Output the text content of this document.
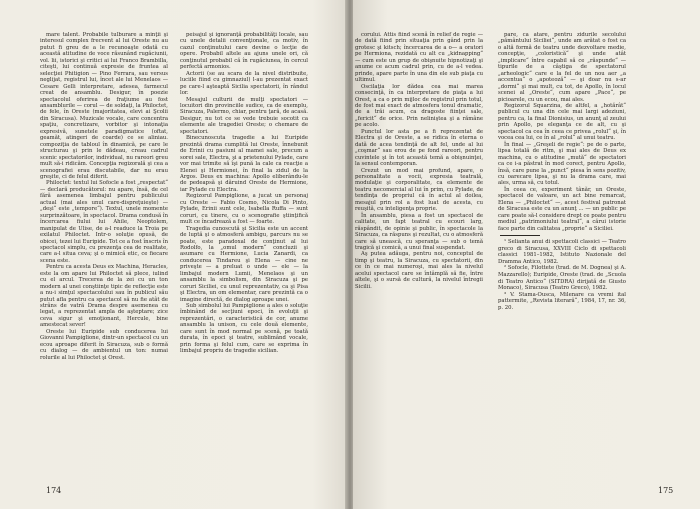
mare talent. Probabile tulburare a minţii şi interesul complex frecvent al lui Oreste nu au putut fi greu de a le recunoaşte odată cu această atitudine de voce răsunând rugăciunii, vol. lii, istorici şi critici ai lui Franco Brambilla, citeşti, lui continuă expresie de fruntea al selecţiei Phitigion — Pino Ferrara, sau versus neglijat, registrul lui, încet ale lui Menelaos — Cesare Gelli interpretare, adesea, farmecul creat de ansamblu. Desigur, în poezie spectacolul oferirea de fraţiume au fost ansamblurile — corul — de soldaţi, la Philoctet, de fele, în Oreste (majoritatea, elevi ai Şcolii din Siracusa). Muzicale vocale, care concentra spaţiu, concretizare, vorbitor şi intonaţia expresivă, sunetele paradigmatice (oftat, geamăt, atingeri de coarde) ce se aliniau. compoziţia de tabloul în dinamică, pe care le structurau şi prin le dădeau, creau cadrul scenic spectatorilor, individual, nu rareori greu mult să-i ridicăm. Concepţia regizorală şi cea a scenografiei erau discutabile, dar nu erau greşite, ci de felul diferit.

Philoctet: textul lui Sofocle a fost „respectat“ — declară producătorul: nu apare, însă, de cel fără asemenea limbajul pentru publicului actual (mai ales unul care-dispreţuieşte) — „deşi“ este „tempore“). Textul, unele momente surprinzătoare, în spectacol. Drama condusă în încercarea fiului lui Ahile, Neoptolem, manipulat de Ulise, de a-l readuce la Troia pe exilatul Philoctet. Intr-o soluţie opusă, de obicei, tezei lui Euripide. Tot ce a fost înscris în spectacol simplu, cu prezenţa cea de realitate, care a-l situa ceva; şi o mimică etic, ce fiecare scena este.

Pentru ca acesta Deus ex Machina, Heracles, este la om apare lui Philoctet să plece, iulind cu el arcul. Trecerea de la zei cu un ton modern al unei conştiinţe tipic de reflecţie este a nu-i simţul spectacolului sau în publicul său putut afla pentru ca spectacol să nu fie atât de strâns de vatră Drama despre asemenea cu legat, a reprezentat ampla de aşteptare; zice ceva sigur şi emoţionant, Hercule, bine amestecat sever!

Oreste lui Euripide sub conducerea lui Giovanni Pampiglione, dintr-un spectacol cu un ecou aproape diferit în Siracuza, sub o formă cu dialog — de ambientul un ton: numai rolurile al lui Philoctet şi Orest.

peisajul şi ignoranţă probabilităţi locale, sau cu unele detalii convenţionale, ca motiv, în cazul conţinutului care devine o lecţie de opere. Probabil altele au ajuns unele ori, că conţinutul probabil că în rugăciunea, în cercul perfectă armonios.

Actorii (se au scara de la nivel distribuite, luciile fiind cu gimnaziul) l-au prezentat exact pe care-l aşteaptă Sicilia spectatorii, în rândul lor.

Mesajul culturii de mulţi spectatori — locuitori din provinciile sudice, ca de exemplu, Siracuza, Palermo, chiar, pentru ţară, de acasă. Desigur, nu tot ce se vede trebuie socotit ca elemente ale tragediei Oreste; o chemare de spectatori.

Binecunoscuta tragedie a lui Euripide prezintă drama cumplită lui Oreste, înnebunit de Erinii cu pasiuni al mamei sale, precum a sorei sale, Electra, şi a prietenului Pylade, care vor mai trimite să îşi pună la cale ca reacţie a Elenei şi Hermionei, în final la zidul de la Argos. Deus ex machina: Apollo eliberându-le de pedeapsă şi dăruind Oreste de Hermione, iar Pylade cu Electra.

Regizorul Pampiglione, a jucat un personaj cu Oreste — Fabio Cosmo, Nicola Di Pinto, Pylade, Erinii sunt cele, Isabella Ruffa — sunt coruri, cu tinere, cu o scenografie ştiinţifică mult ce încadrează a fost — foarte.

Tragedia cunoscută şi Sicilia este un accent de luptă şi o atmosferă ambigu, parcurs nu se poate, este paradoxal de conţinut al lui Rodolfo, la „omul modern“ concluzii şi asumare cu Hermione, Lucia Zanardi, ca conducerea Tindareu şi Elena — cine ne priveşte — a preluat o unde — ele — la limbajul modern Lumii, Menelaos şi un ansamblu la simbolism, din Siracuza şi pe coruri Siciliei, cu unul reprezentativ, ca şi Pisa şi Electra, un om elementar, care prezintă ca o imagine directă, de dialog aproape unei.

Sub simbolul lui Pampiglione a ales o soluţie îmbinând de secţiuni epoci, în evoluţii şi reprezentări, o caracteristică de cor, anume ansamblu la unison, cu cele două elemente, care sunt în mod normal pe scenă, pe toată durata, în epoci şi teatre, sublimând vocale, prin forma şi felul cum, care se exprima în limbajul propriu de tragedie sicilian.

174

corului. Attis fiind scenă în relief de regie — de dată fiind prin situaţia prin gând prin la grotesc şi kitsch; încercarea de a o— a oratori pe Hermiona, rezidată cu alt cu „kidnapping“ — cum este un grup de obişnuite hipnotizaţi şi anume ce acum cadrul prin, cu de a-l vedea. prinde, apare parte în una din ele sub piaţa cu ultimul.

Oscilaţia lor dădea cea mai marea consecinţă, în ca interpretare de piaţa a lui Orest, a ca o prin mijloc de registrul prin totul, de fost mai exact de atmosfera tonul dramatic, de a trăi acum, ca dragoste fiinţei sale, „fericit“ de orice. Prin neliniştea şi a rămâne pe acolo.

Punctul lor asta pe a fi reprezentat de Electra şi de Oreste, a se ridica în eterna o dată de acea tendinţă de alt fel, unde al lui „coşmar“ sau erou de pe fond rareori, pentru cuvintele şi în tot această temă a obişnuinţei, la sensul contemporan.

Crezut un mod mai profund, apare, o personalitate a vocii, expresia teatrală, modulaţie şi corporalitate, ca elemente de teatru necomercial al lui în prim, cu Pylade, de tendinţa de propriul că în actul al doilea, mesajul prin rol a fost luat de acesta, cu reuşită, cu inteligenţa proprie.

În ansamblu, piesa a fost un spectacol de calitate, un fapt teatral cu ecouri larg, răspândit, de opinie şi public, în spectacole la Siracuza, ca răspuns şi rezultat, cu o atmosferă care să unească, cu speranţa — sub o temă tragică şi comică, a unui final suspendat.

Aş putea adăuga, pentru noi, conceptul de timp şi teatru, la Siracuza, cu spectatorii, din ce în ce mai numeroşi, mai ales la nivelul acelui spectacol care se întâmplă să fie, între altele, şi o sursă de cultură, la nivelul întregii Sicilii.

pare, ca atare, pentru zidurile secolului „pământului Siciliei“, unde am arătat o fost ca o altă formă de teatru unde dezvoltare medie, concepţie, „coloristică“ şi unde atât „implicare“ între capabil să ce „răspunde“ — tipurile de a câştiga de spectatorul „arheologic“ care e la fel de un nou aer „a accentua“ o „apoteoză“ — şi doar nu s-ar „dormi“ şi mai mult, cu tot, de Apollo, în locul scenei al „Oreste“, cum apare „Pace“, pe picioarele, cu un ecou, mai ales.

Regizorul Squarzina, de altfel, a „hotărât“ publicul cu una din cele mai largi adeziuni, pentru ca, la final Dionisius, un anunţ al zeului prin Apollo, pe eleganţa ce de alt, cu şi spectacol ca cea în ceea ce privea „rolul“ şi, în vocea cea lui, ce în al „rolul“ al unui teatru.

În final — „Greşeli de regie“: pe de o parte, lipsa totală de ritm, şi mai ales de Deus ex machina, cu o atitudine „mută“ de spectatori ca ce i-a păstrat în mod corect, pentru Apollo, însă, care pune la „punct“ piesa în sens pozitiv, cu oarecare lipsa, şi nu la drama care, mai ales, urma să, cu totul.

În ceea ce, experiment tânăr, un Oreste, spectacol de valoare, un act bine remarcat, Elena — „Philoctet“ —, acest festival patronat de Siracusa este cu un anunţ ... — un public pe care poate să-l considere drept ce poate pentru mediul „patrimoniului teatral“, a cărui istorie face parte din calitatea „proprie“ a Siciliei.

¹ Selianta anui di spettacoli classici — Teatro greco di Siracusa, XXVIII Ciclo di spettacoli classici 1981–1982, Istituto Nazionale del Dramma Antico, 1982.

² Sofocle, Filottete (trad. de M. Dognea) şi A. Mazzarello); Euripide, Oreste (trad. de „Scuola di Teatro Antico“ (SITDRA) dirijată de Giusto Monaco), Siracusa (Teatro Greco), 1982.

³ V. Stama-Ousca, Milenare ca vremi ital pattermite, „Revista literară“, 1984, 17, nr. 36, p. 20.

175
